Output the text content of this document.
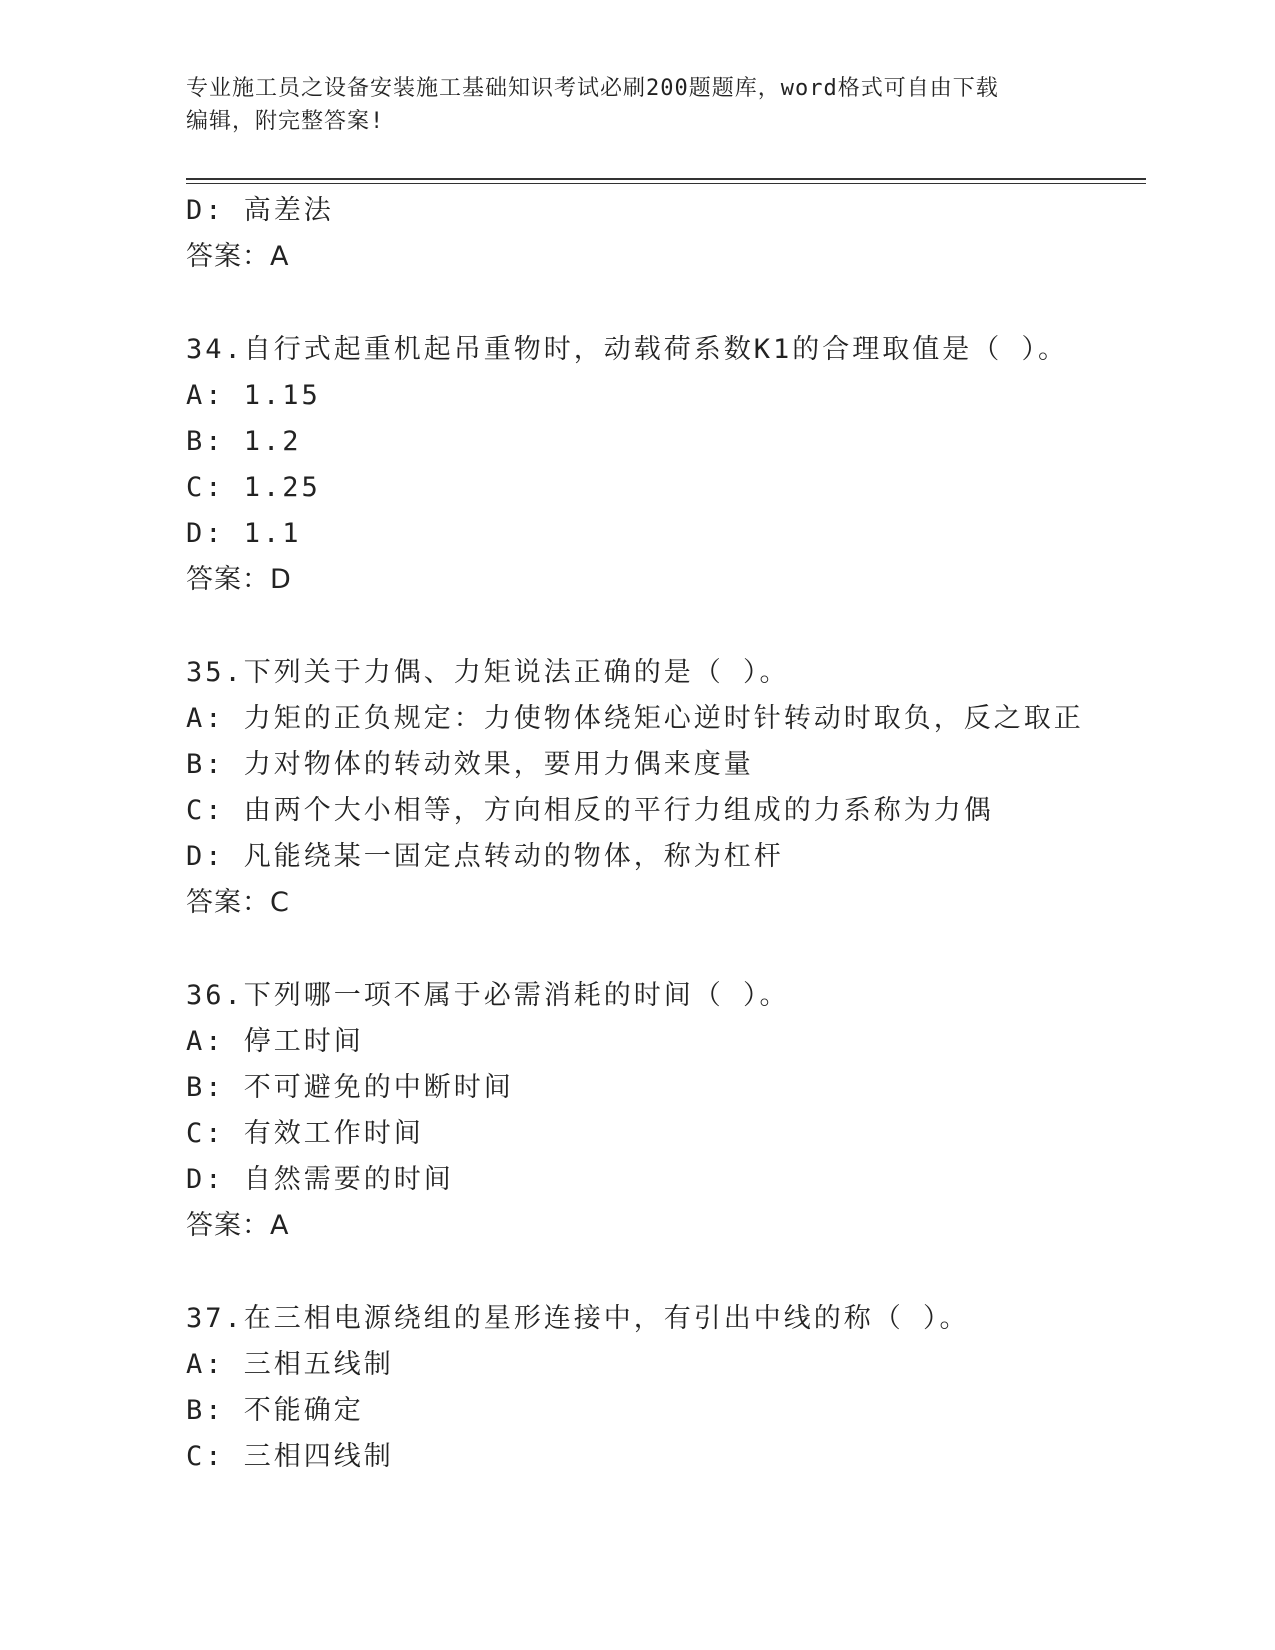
专业施工员之设备安装施工基础知识考试必刷200题题库，word格式可自由下载
编辑，附完整答案!
D: 高差法
答案：A
34.自行式起重机起吊重物时，动载荷系数K1的合理取值是（ ）。
A: 1.15
B: 1.2
C: 1.25
D: 1.1
答案：D
35.下列关于力偶、力矩说法正确的是（ ）。
A: 力矩的正负规定：力使物体绕矩心逆时针转动时取负，反之取正
B: 力对物体的转动效果，要用力偶来度量
C: 由两个大小相等，方向相反的平行力组成的力系称为力偶
D: 凡能绕某一固定点转动的物体，称为杠杆
答案：C
36.下列哪一项不属于必需消耗的时间（ ）。
A: 停工时间
B: 不可避免的中断时间
C: 有效工作时间
D: 自然需要的时间
答案：A
37.在三相电源绕组的星形连接中，有引出中线的称（ ）。
A: 三相五线制
B: 不能确定
C: 三相四线制
